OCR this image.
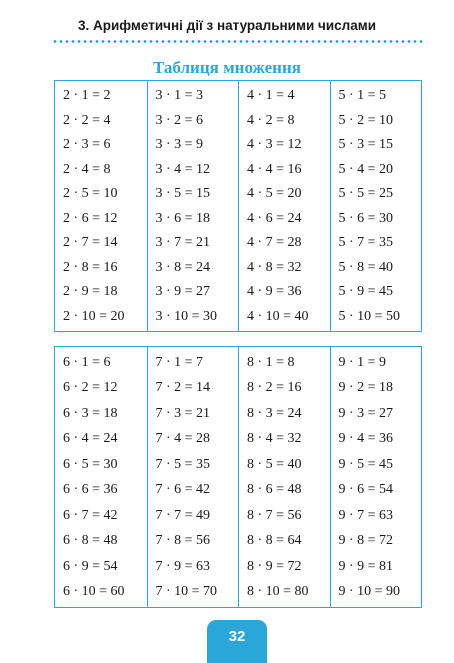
3. Арифметичні дії з натуральними числами
Таблиця множення
2 · 1 = 2
2 · 2 = 4
2 · 3 = 6
2 · 4 = 8
2 · 5 = 10
2 · 6 = 12
2 · 7 = 14
2 · 8 = 16
2 · 9 = 18
2 · 10 = 20
3 · 1 = 3
3 · 2 = 6
3 · 3 = 9
3 · 4 = 12
3 · 5 = 15
3 · 6 = 18
3 · 7 = 21
3 · 8 = 24
3 · 9 = 27
3 · 10 = 30
4 · 1 = 4
4 · 2 = 8
4 · 3 = 12
4 · 4 = 16
4 · 5 = 20
4 · 6 = 24
4 · 7 = 28
4 · 8 = 32
4 · 9 = 36
4 · 10 = 40
5 · 1 = 5
5 · 2 = 10
5 · 3 = 15
5 · 4 = 20
5 · 5 = 25
5 · 6 = 30
5 · 7 = 35
5 · 8 = 40
5 · 9 = 45
5 · 10 = 50
6 · 1 = 6
6 · 2 = 12
6 · 3 = 18
6 · 4 = 24
6 · 5 = 30
6 · 6 = 36
6 · 7 = 42
6 · 8 = 48
6 · 9 = 54
6 · 10 = 60
7 · 1 = 7
7 · 2 = 14
7 · 3 = 21
7 · 4 = 28
7 · 5 = 35
7 · 6 = 42
7 · 7 = 49
7 · 8 = 56
7 · 9 = 63
7 · 10 = 70
8 · 1 = 8
8 · 2 = 16
8 · 3 = 24
8 · 4 = 32
8 · 5 = 40
8 · 6 = 48
8 · 7 = 56
8 · 8 = 64
8 · 9 = 72
8 · 10 = 80
9 · 1 = 9
9 · 2 = 18
9 · 3 = 27
9 · 4 = 36
9 · 5 = 45
9 · 6 = 54
9 · 7 = 63
9 · 8 = 72
9 · 9 = 81
9 · 10 = 90
32
